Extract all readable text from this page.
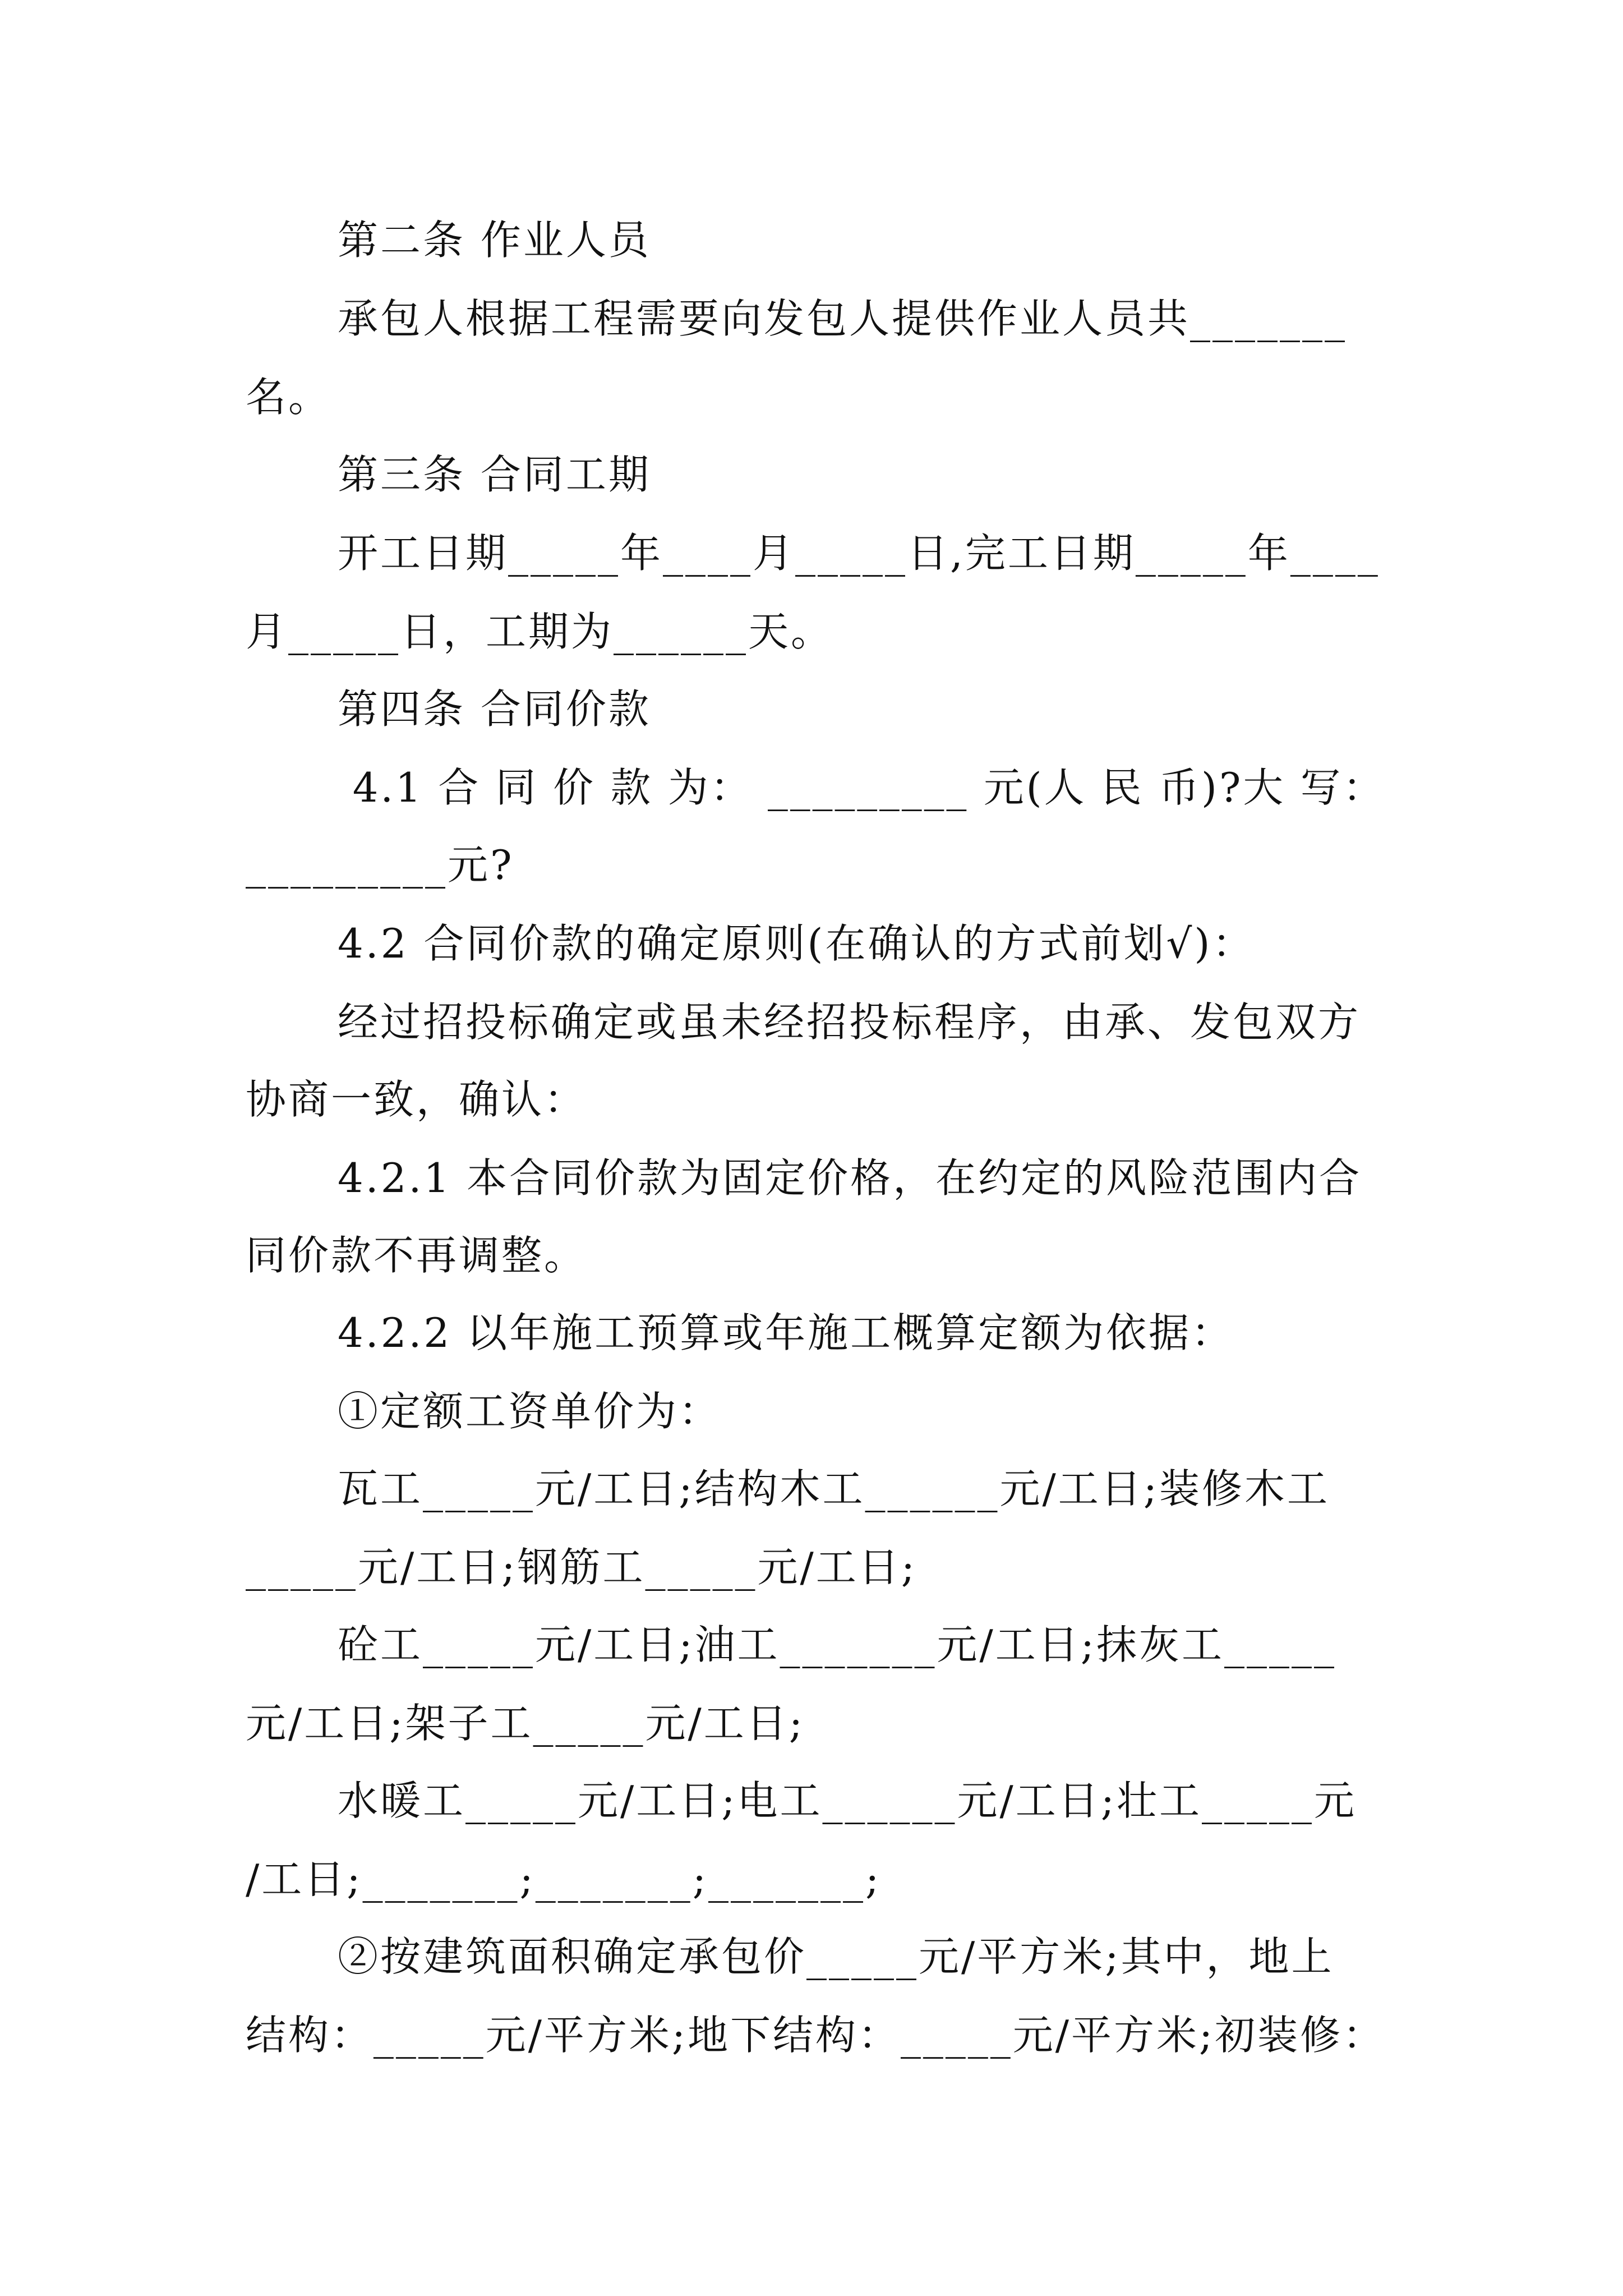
第二条 作业人员
承包人根据工程需要向发包人提供作业人员共_______
名。
第三条 合同工期
开工日期_____年____月_____日,完工日期_____年____
月_____日，工期为______天。
第四条 合同价款
4.1 合 同 价 款 为： _________ 元(人 民 币)?大 写：
_________元?
4.2 合同价款的确定原则(在确认的方式前划√)：
经过招投标确定或虽未经招投标程序，由承、发包双方
协商一致，确认：
4.2.1 本合同价款为固定价格，在约定的风险范围内合
同价款不再调整。
4.2.2 以年施工预算或年施工概算定额为依据：
①定额工资单价为：
瓦工_____元/工日;结构木工______元/工日;装修木工
_____元/工日;钢筋工_____元/工日;
砼工_____元/工日;油工_______元/工日;抹灰工_____
元/工日;架子工_____元/工日;
水暖工_____元/工日;电工______元/工日;壮工_____元
/工日;_______;_______;_______;
②按建筑面积确定承包价_____元/平方米;其中，地上
结构：_____元/平方米;地下结构：_____元/平方米;初装修：
